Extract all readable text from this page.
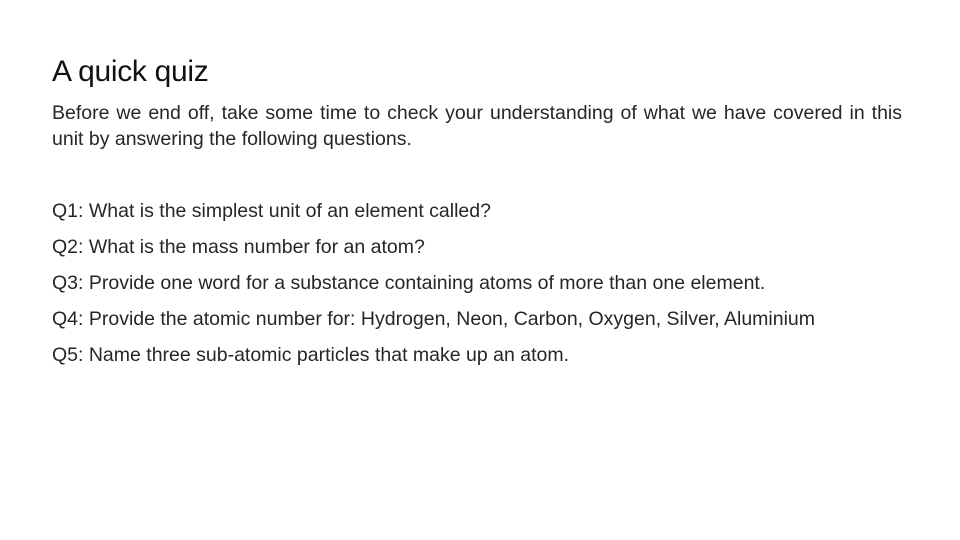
A quick quiz

Before we end off, take some time to check your understanding of what we have covered in this unit by answering the following questions.

Q1: What is the simplest unit of an element called?
Q2: What is the mass number for an atom?
Q3: Provide one word for a substance containing atoms of more than one element.
Q4: Provide the atomic number for: Hydrogen, Neon, Carbon, Oxygen, Silver, Aluminium
Q5: Name three sub-atomic particles that make up an atom.
